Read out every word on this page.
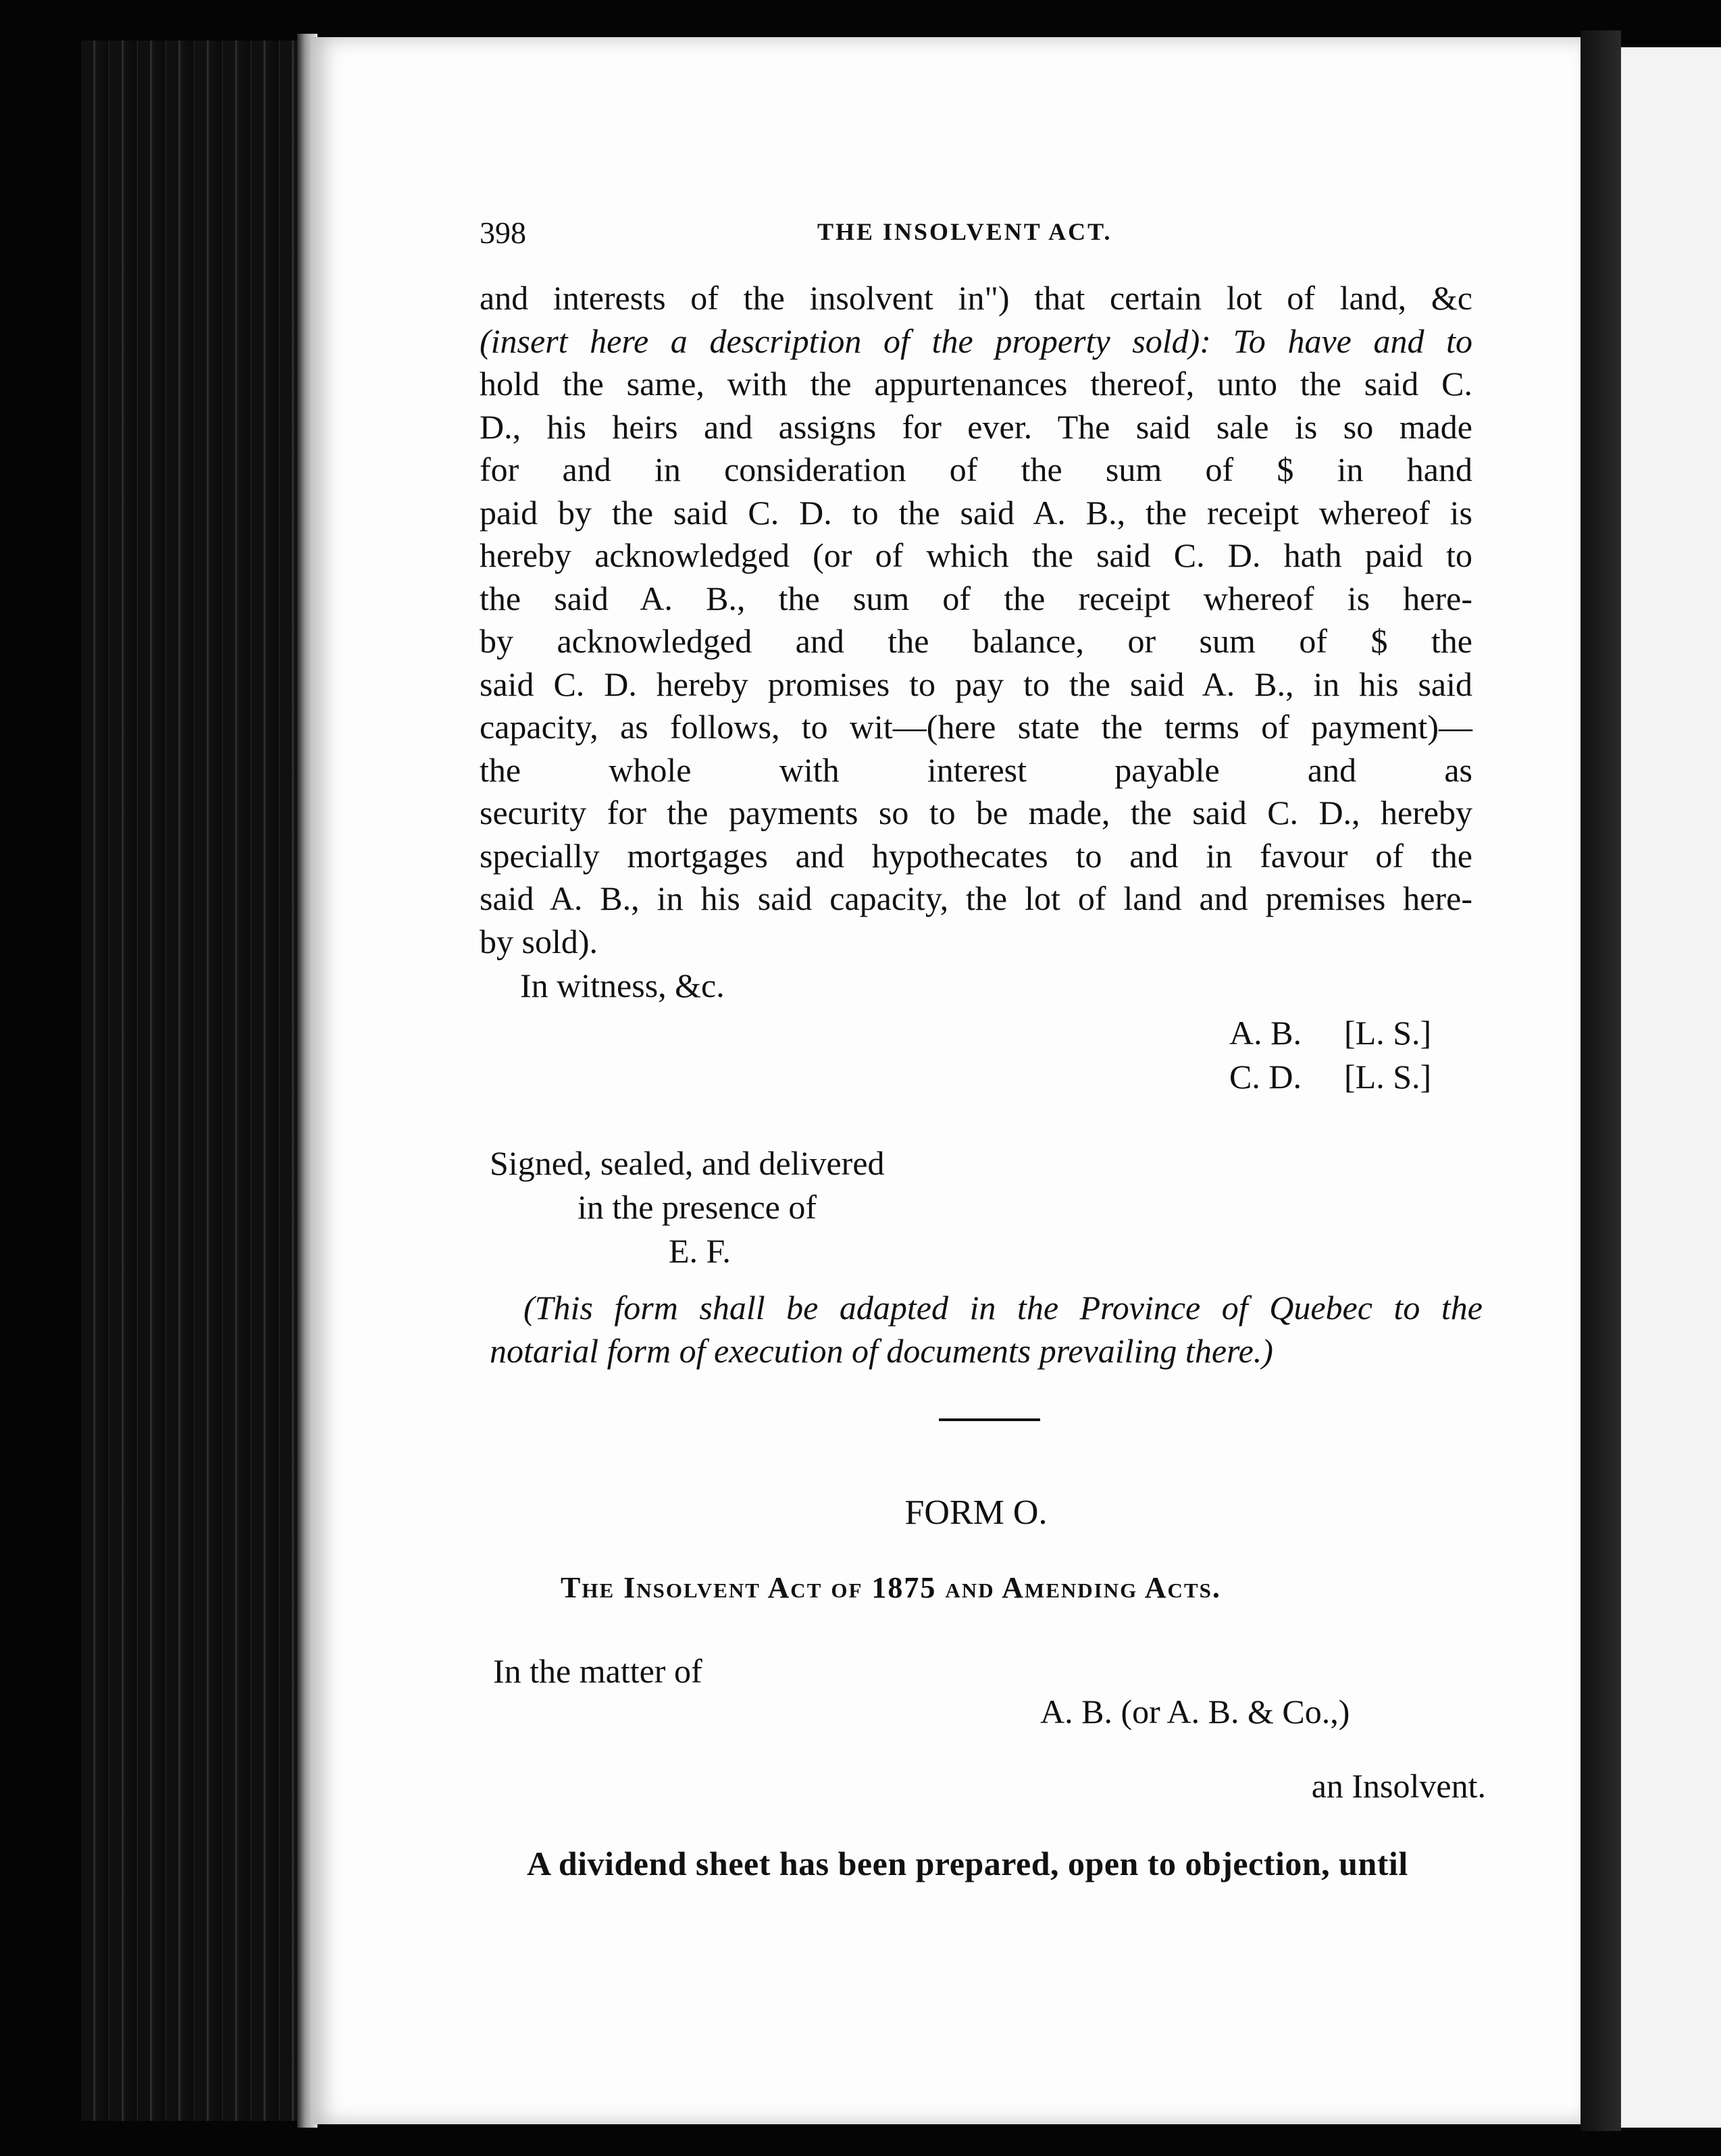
398	THE INSOLVENT ACT.
and interests of the insolvent in") that certain lot of land, &c
(insert here a description of the property sold): To have and to
hold the same, with the appurtenances thereof, unto the said C.
D., his heirs and assigns for ever. The said sale is so made
for and in consideration of the sum of $ in hand
paid by the said C. D. to the said A. B., the receipt whereof is
hereby acknowledged (or of which the said C. D. hath paid to
the said A. B., the sum of the receipt whereof is here-
by acknowledged and the balance, or sum of $ the
said C. D. hereby promises to pay to the said A. B., in his said
capacity, as follows, to wit—(here state the terms of payment)—
the whole with interest payable and as
security for the payments so to be made, the said C. D., hereby
specially mortgages and hypothecates to and in favour of the
said A. B., in his said capacity, the lot of land and premises here-
by sold).
In witness, &c.
A. B. [L. S.]
C. D. [L. S.]
Signed, sealed, and delivered
in the presence of
E. F.
(This form shall be adapted in the Province of Quebec to the
notarial form of execution of documents prevailing there.)
FORM O.
The Insolvent Act of 1875 and Amending Acts.
In the matter of
A. B. (or A. B. & Co.,)
an Insolvent.
A dividend sheet has been prepared, open to objection, until
